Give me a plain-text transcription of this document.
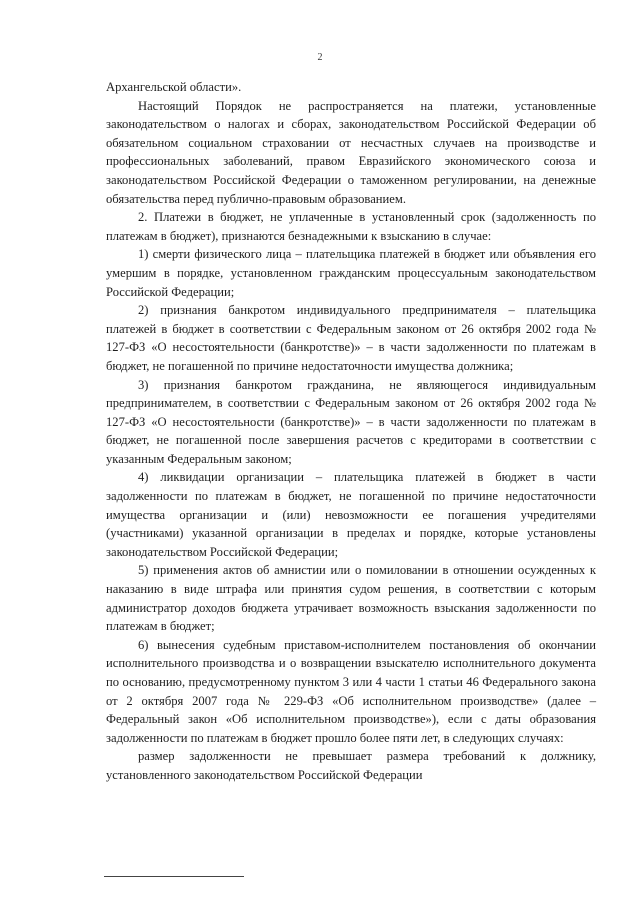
2

Архангельской области».

Настоящий Порядок не распространяется на платежи, установленные законодательством о налогах и сборах, законодательством Российской Федерации об обязательном социальном страховании от несчастных случаев на производстве и профессиональных заболеваний, правом Евразийского экономического союза и законодательством Российской Федерации о таможенном регулировании, на денежные обязательства перед публично-правовым образованием.

2. Платежи в бюджет, не уплаченные в установленный срок (задолженность по платежам в бюджет), признаются безнадежными к взысканию в случае:

1) смерти физического лица – плательщика платежей в бюджет или объявления его умершим в порядке, установленном гражданским процессуальным законодательством Российской Федерации;

2) признания банкротом индивидуального предпринимателя – плательщика платежей в бюджет в соответствии с Федеральным законом от 26 октября 2002 года № 127-ФЗ «О несостоятельности (банкротстве)» – в части задолженности по платежам в бюджет, не погашенной по причине недостаточности имущества должника;

3) признания банкротом гражданина, не являющегося индивидуальным предпринимателем, в соответствии с Федеральным законом от 26 октября 2002 года № 127-ФЗ «О несостоятельности (банкротстве)» – в части задолженности по платежам в бюджет, не погашенной после завершения расчетов с кредиторами в соответствии с указанным Федеральным законом;

4) ликвидации организации – плательщика платежей в бюджет в части задолженности по платежам в бюджет, не погашенной по причине недостаточности имущества организации и (или) невозможности ее погашения учредителями (участниками) указанной организации в пределах и порядке, которые установлены законодательством Российской Федерации;

5) применения актов об амнистии или о помиловании в отношении осужденных к наказанию в виде штрафа или принятия судом решения, в соответствии с которым администратор доходов бюджета утрачивает возможность взыскания задолженности по платежам в бюджет;

6) вынесения судебным приставом-исполнителем постановления об окончании исполнительного производства и о возвращении взыскателю исполнительного документа по основанию, предусмотренному пунктом 3 или 4 части 1 статьи 46 Федерального закона от 2 октября 2007 года № 229-ФЗ «Об исполнительном производстве» (далее – Федеральный закон «Об исполнительном производстве»), если с даты образования задолженности по платежам в бюджет прошло более пяти лет, в следующих случаях:

размер задолженности не превышает размера требований к должнику, установленного законодательством Российской Федерации
